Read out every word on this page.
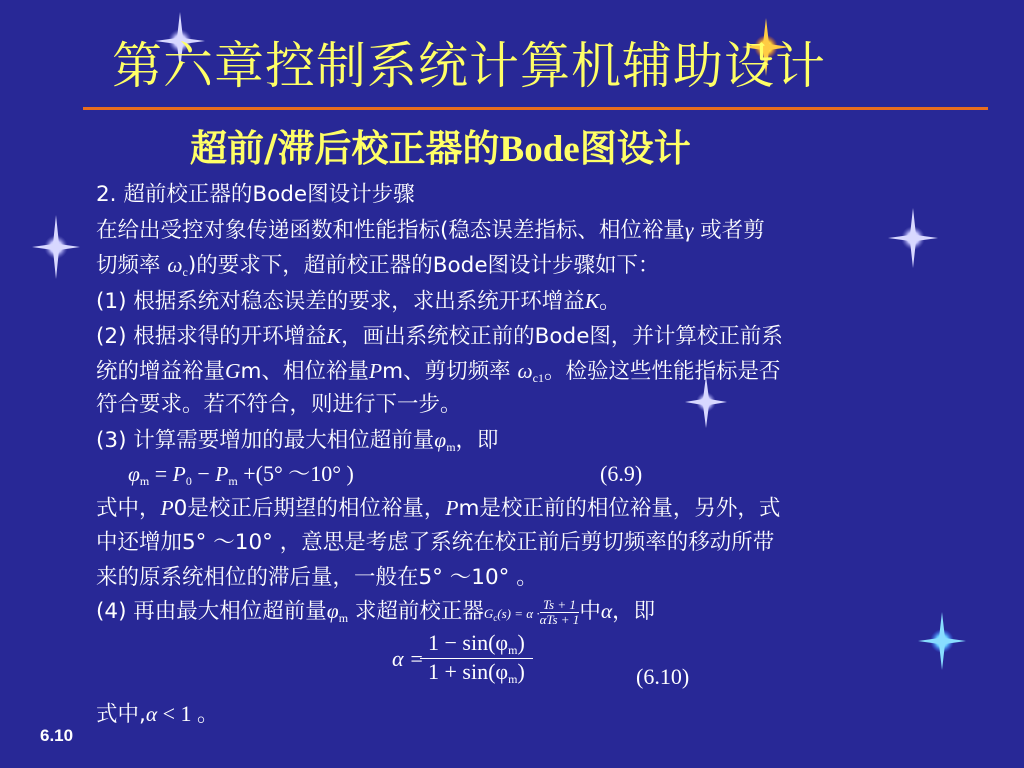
第六章控制系统计算机辅助设计
超前/滞后校正器的Bode图设计
2. 超前校正器的Bode图设计步骤
在给出受控对象传递函数和性能指标(稳态误差指标、相位裕量γ 或者剪
切频率 ωc)的要求下，超前校正器的Bode图设计步骤如下：
(1) 根据系统对稳态误差的要求，求出系统开环增益K。
(2) 根据求得的开环增益K，画出系统校正前的Bode图，并计算校正前系
统的增益裕量Gm、相位裕量Pm、剪切频率 ωc1。检验这些性能指标是否
符合要求。若不符合，则进行下一步。
(3) 计算需要增加的最大相位超前量φm，即
φm = P0 − Pm +(5° ～10° )	(6.9)
式中，P0是校正后期望的相位裕量，Pm是校正前的相位裕量，另外，式
中还增加5° ～10° ，意思是考虑了系统在校正前后剪切频率的移动所带
来的原系统相位的滞后量，一般在5° ～10° 。
(4) 再由最大相位超前量φm 求超前校正器$Gc(s) = \alpha \cdot \frac{Ts + 1}{\text{αTs + 1}}$ 中α，即
α =
$\frac{1 - \sin(\varphi m)}{1 + \sin(\varphi m)}$	(6.10)
式中,α < 1 。
6.10
